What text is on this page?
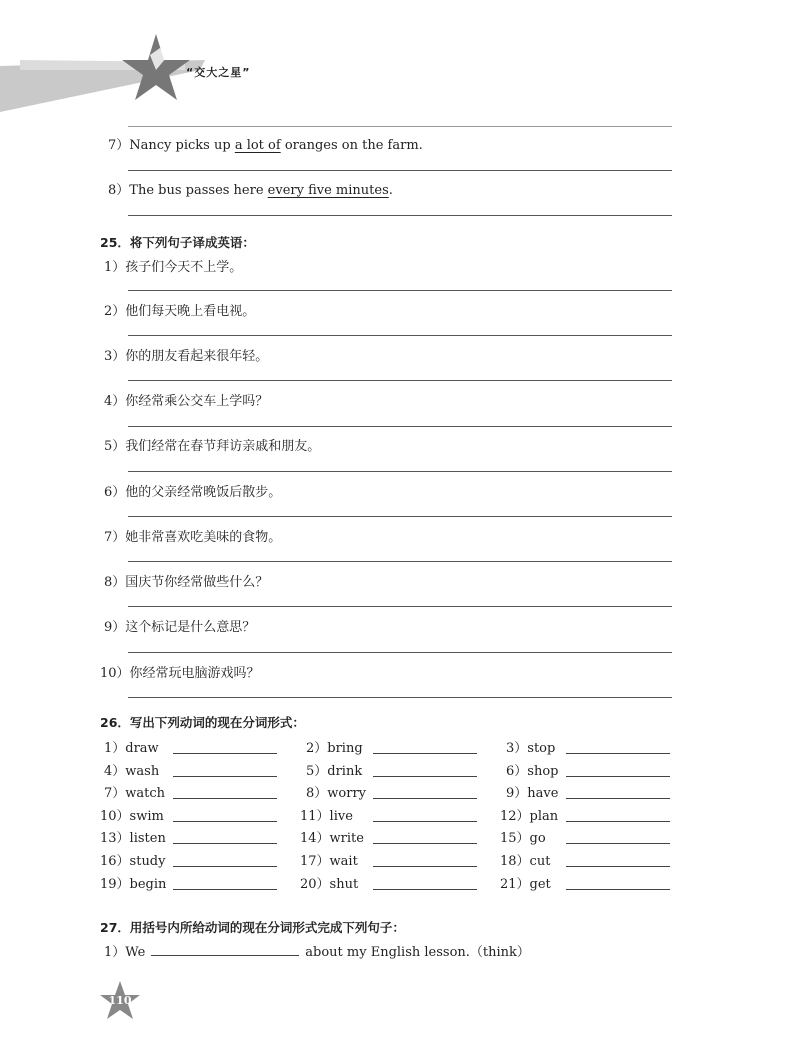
“交大之星”
7）Nancy picks up a lot of oranges on the farm.
8）The bus passes here every five minutes.
25．将下列句子译成英语：
1）孩子们今天不上学。
2）他们每天晚上看电视。
3）你的朋友看起来很年轻。
4）你经常乘公交车上学吗？
5）我们经常在春节拜访亲戚和朋友。
6）他的父亲经常晚饭后散步。
7）她非常喜欢吃美味的食物。
8）国庆节你经常做些什么？
9）这个标记是什么意思？
10）你经常玩电脑游戏吗？
26．写出下列动词的现在分词形式：
1）draw	2）bring	3）stop
4）wash	5）drink	6）shop
7）watch	8）worry	9）have
10）swim	11）live	12）plan
13）listen	14）write	15）go
16）study	17）wait	18）cut
19）begin	20）shut	21）get
27．用括号内所给动词的现在分词形式完成下列句子：
1）We	about my English lesson.（think）
110
